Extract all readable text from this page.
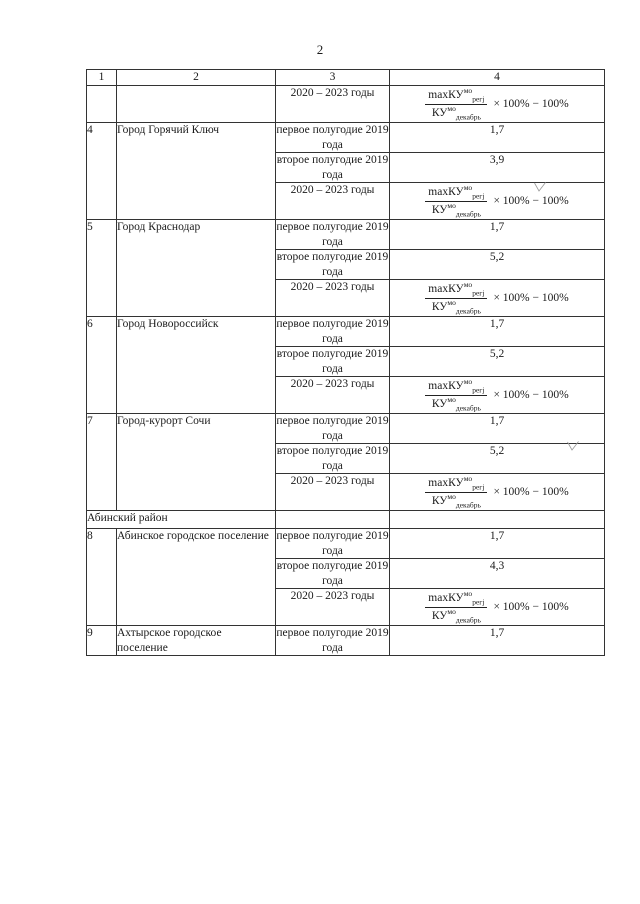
2
1	2	3	4
		2020 – 2023 годы	$\frac{\max КУ^{мо}_{регj}}{КУ^{мо}_{декабрь}} \times 100\% - 100\%$

4	Город Горячий Ключ	первое полугодие 2019 года	1,7
		второе полугодие 2019 года	3,9
		2020 – 2023 годы	$\frac{\max КУ^{мо}_{регj}}{КУ^{мо}_{декабрь}} \times 100\% - 100\%$

5	Город Краснодар	первое полугодие 2019 года	1,7
		второе полугодие 2019 года	5,2
		2020 – 2023 годы	$\frac{\max КУ^{мо}_{регj}}{КУ^{мо}_{декабрь}} \times 100\% - 100\%$

6	Город Новороссийск	первое полугодие 2019 года	1,7
		второе полугодие 2019 года	5,2
		2020 – 2023 годы	$\frac{\max КУ^{мо}_{регj}}{КУ^{мо}_{декабрь}} \times 100\% - 100\%$

7	Город-курорт Сочи	первое полугодие 2019 года	1,7
		второе полугодие 2019 года	5,2
		2020 – 2023 годы	$\frac{\max КУ^{мо}_{регj}}{КУ^{мо}_{декабрь}} \times 100\% - 100\%$

Абинский район			
8	Абинское городское поселение	первое полугодие 2019 года	1,7
		второе полугодие 2019 года	4,3
		2020 – 2023 годы	$\frac{\max КУ^{мо}_{регj}}{КУ^{мо}_{декабрь}} \times 100\% - 100\%$

9	Ахтырское городское поселение	первое полугодие 2019 года	1,7
